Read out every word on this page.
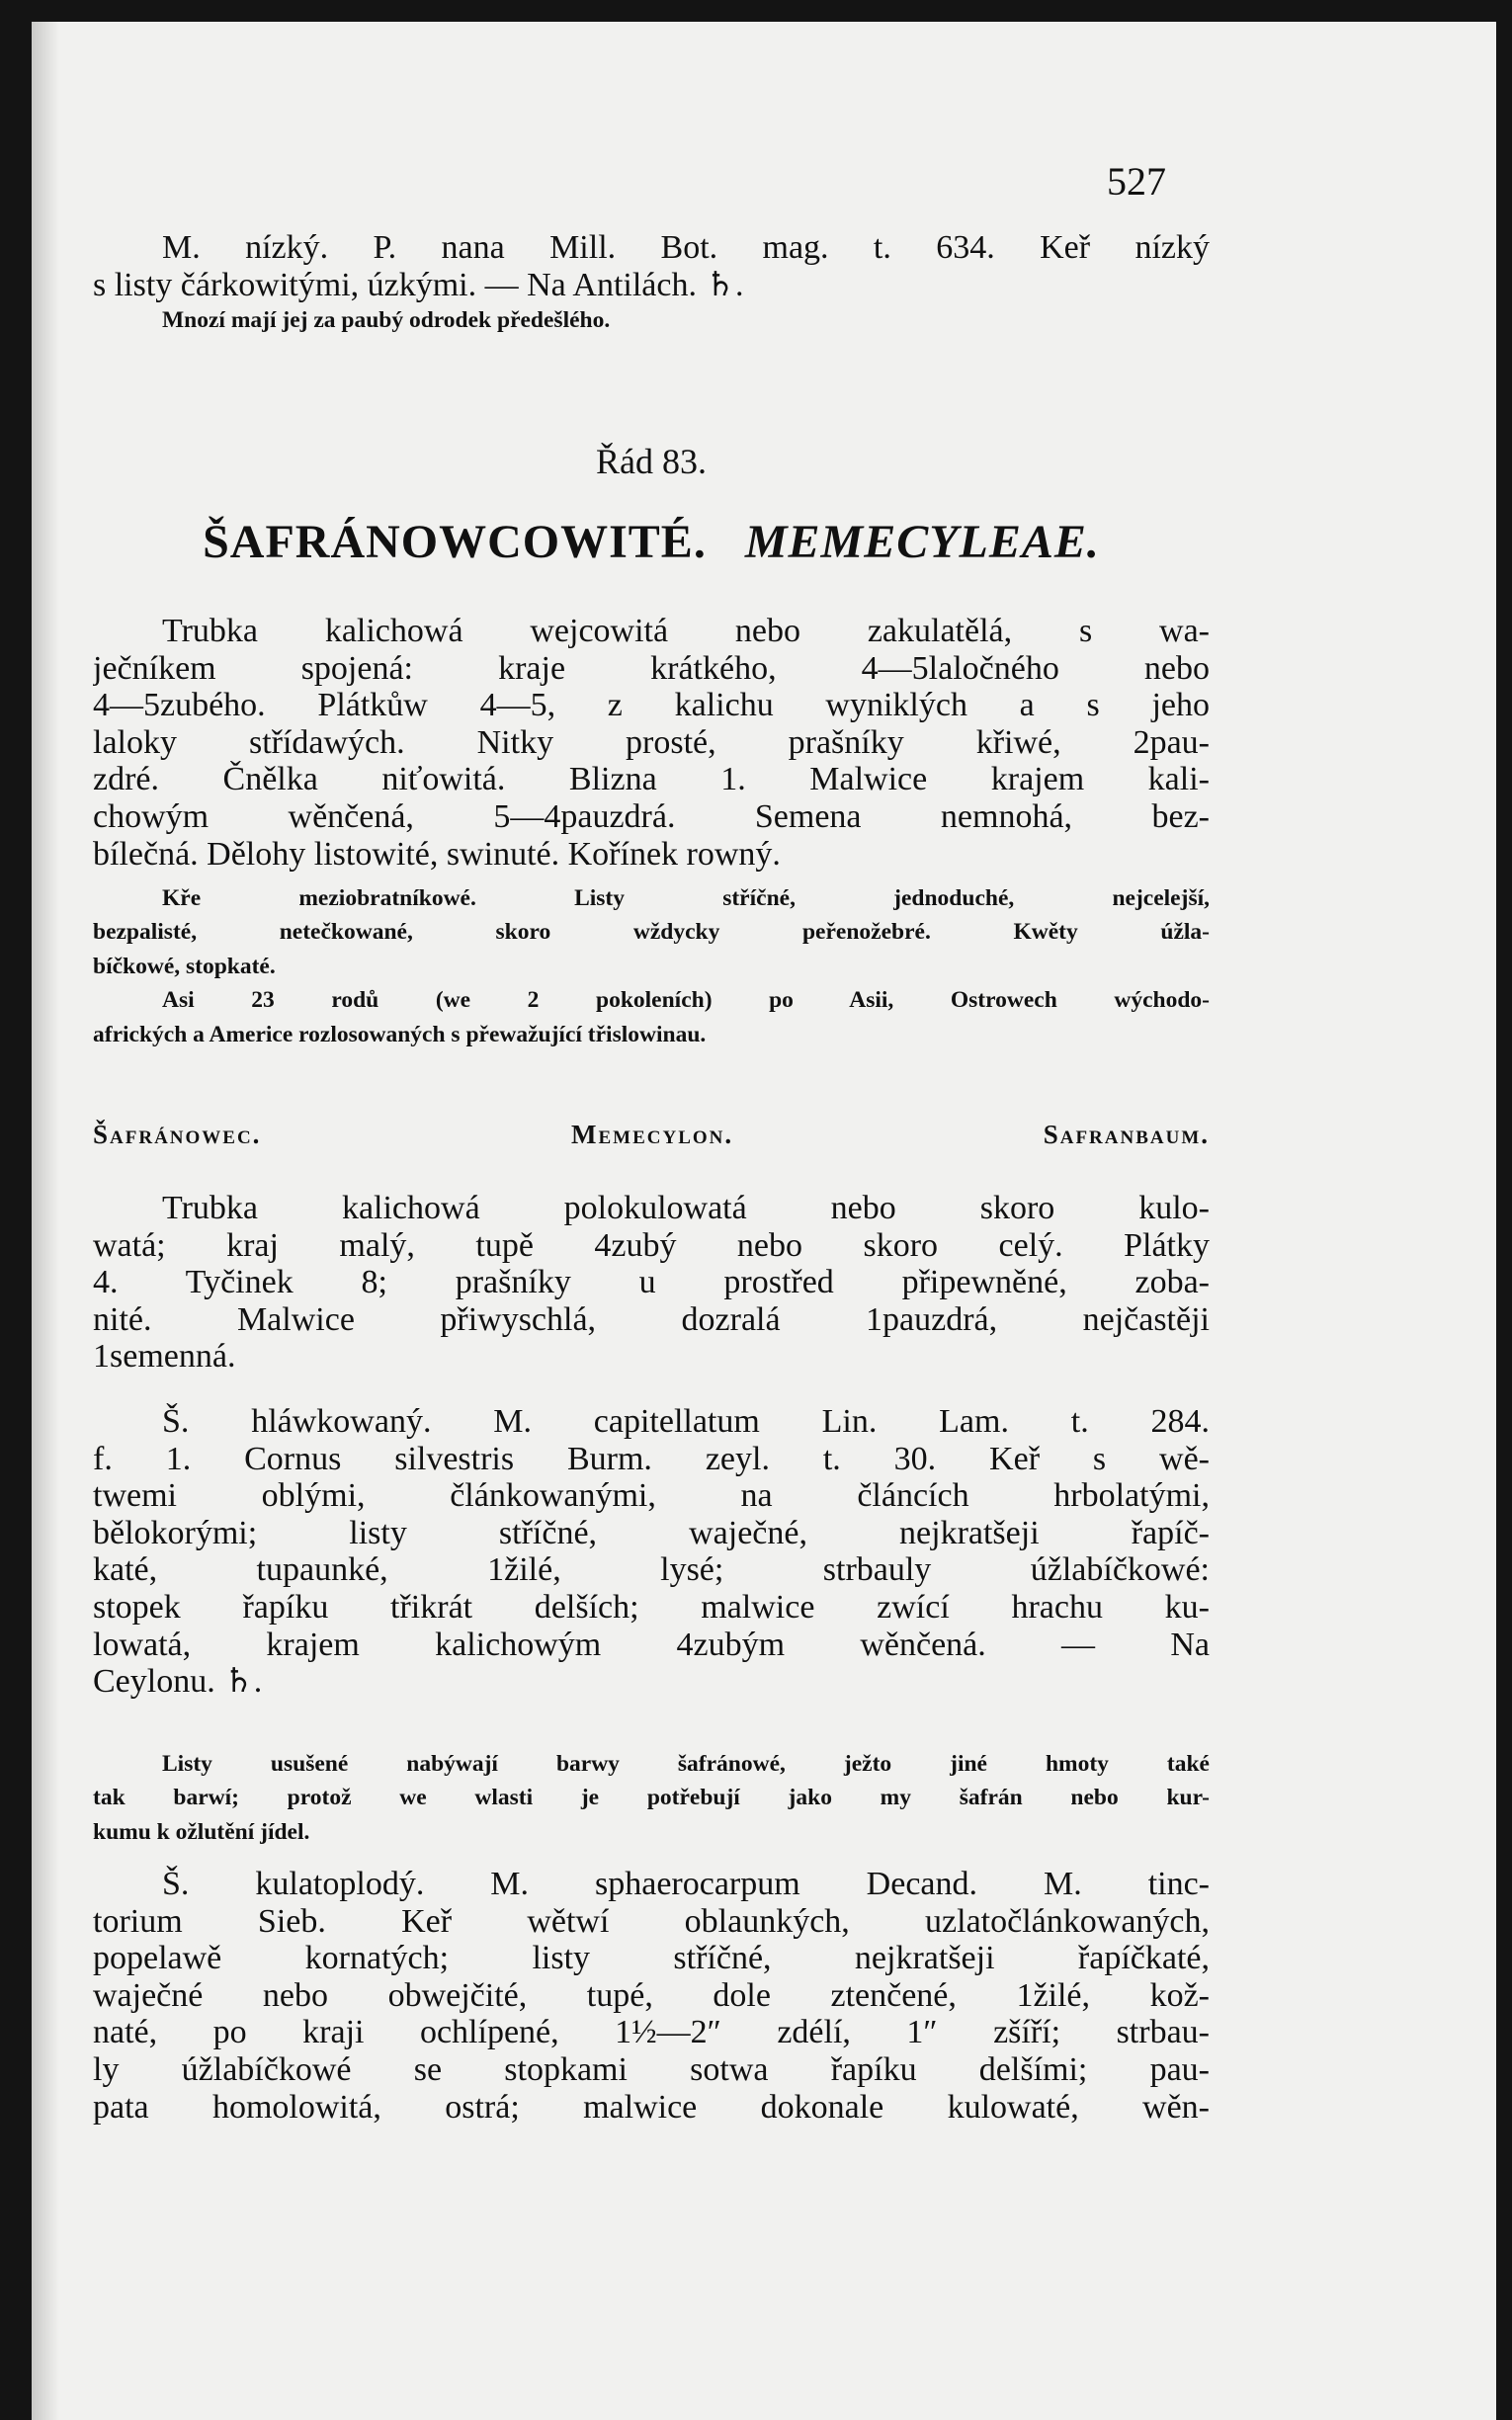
527
M. nízký. P. nana Mill. Bot. mag. t. 634. Keř nízký
s listy čárkowitými, úzkými. — Na Antilách. ♄.
Mnozí mají jej za paubý odrodek předešlého.
Řád 83.
ŠAFRÁNOWCOWITÉ. MEMECYLEAE.
Trubka kalichowá wejcowitá nebo zakulatělá, s wa-
ječníkem spojená: kraje krátkého, 4—5laločného nebo
4—5zubého. Plátkůw 4—5, z kalichu wyniklých a s jeho
laloky střídawých. Nitky prosté, prašníky křiwé, 2pau-
zdré. Čnělka niťowitá. Blizna 1. Malwice krajem kali-
chowým wěnčená, 5—4pauzdrá. Semena nemnohá, bez-
bílečná. Dělohy listowité, swinuté. Kořínek rowný.
Kře meziobratníkowé. Listy stříčné, jednoduché, nejcelejší,
bezpalisté, netečkowané, skoro wždycky peřenožebré. Kwěty úžla-
bíčkowé, stopkaté.
Asi 23 rodů (we 2 pokoleních) po Asii, Ostrowech wýchodo-
afrických a Americe rozlosowaných s přewažující třislowinau.
Šafránowec.	Memecylon.	Safranbaum.
Trubka kalichowá polokulowatá nebo skoro kulo-
watá; kraj malý, tupě 4zubý nebo skoro celý. Plátky
4. Tyčinek 8; prašníky u prostřed připewněné, zoba-
nité. Malwice přiwyschlá, dozralá 1pauzdrá, nejčastěji
1semenná.
Š. hláwkowaný. M. capitellatum Lin. Lam. t. 284.
f. 1. Cornus silvestris Burm. zeyl. t. 30. Keř s wě-
twemi oblými, článkowanými, na článcích hrbolatými,
bělokorými; listy stříčné, waječné, nejkratšeji řapíč-
katé, tupaunké, 1žilé, lysé; strbauly úžlabíčkowé:
stopek řapíku třikrát delších; malwice zwící hrachu ku-
lowatá, krajem kalichowým 4zubým wěnčená. — Na
Ceylonu. ♄.
Listy usušené nabýwají barwy šafránowé, ježto jiné hmoty také
tak barwí; protož we wlasti je potřebují jako my šafrán nebo kur-
kumu k ožlutění jídel.
Š. kulatoplodý. M. sphaerocarpum Decand. M. tinc-
torium Sieb. Keř wětwí oblaunkých, uzlatočlánkowaných,
popelawě kornatých; listy stříčné, nejkratšeji řapíčkaté,
waječné nebo obwejčité, tupé, dole ztenčené, 1žilé, kož-
naté, po kraji ochlípené, 1½—2″ zdélí, 1″ zšíří; strbau-
ly úžlabíčkowé se stopkami sotwa řapíku delšími; pau-
pata homolowitá, ostrá; malwice dokonale kulowaté, wěn-
